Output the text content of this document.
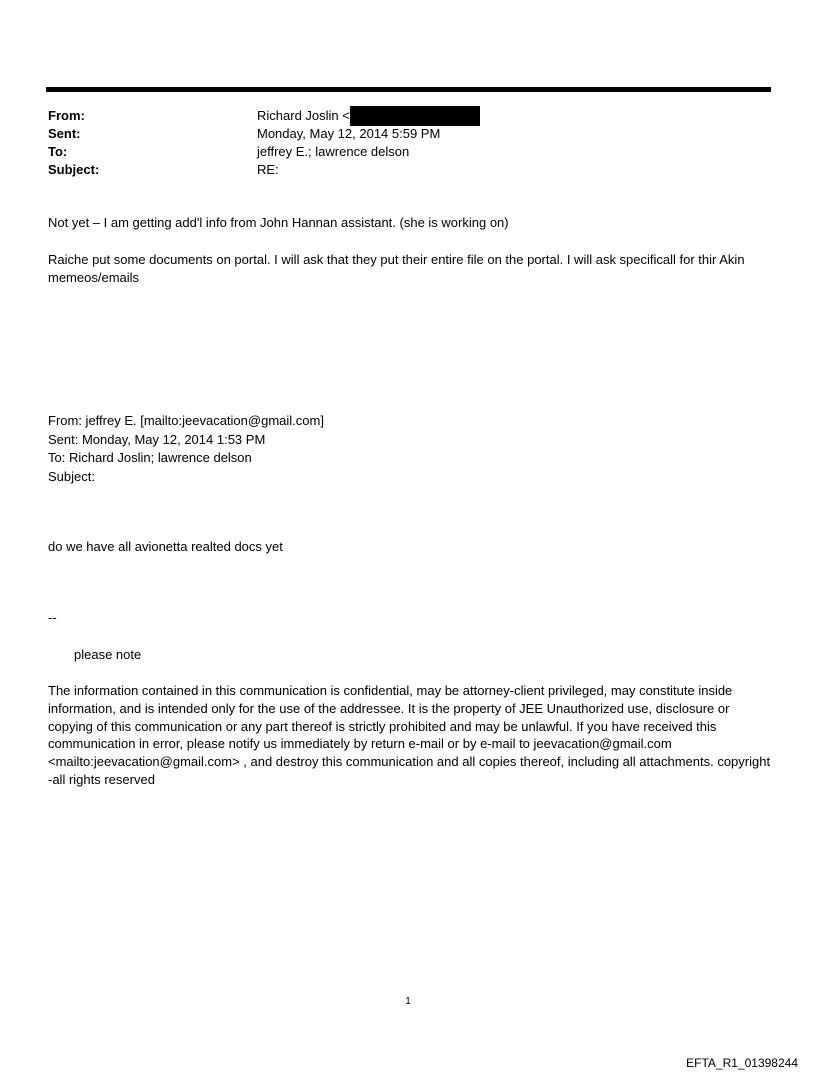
From:	Richard Joslin <
Sent:	Monday, May 12, 2014 5:59 PM
To:	jeffrey E.; lawrence delson
Subject:	RE:
Not yet – I am getting add'l info from John Hannan assistant. (she is working on)
Raiche put some documents on portal. I will ask that they put their entire file on the portal. I will ask specificall for thir Akin memeos/emails
From: jeffrey E. [mailto:jeevacation@gmail.com]
Sent: Monday, May 12, 2014 1:53 PM
To: Richard Joslin; lawrence delson
Subject:
do we have all avionetta realted docs yet
--
please note
The information contained in this communication is confidential, may be attorney-client privileged, may constitute inside information, and is intended only for the use of the addressee. It is the property of JEE Unauthorized use, disclosure or copying of this communication or any part thereof is strictly prohibited and may be unlawful. If you have received this communication in error, please notify us immediately by return e-mail or by e-mail to jeevacation@gmail.com <mailto:jeevacation@gmail.com> , and destroy this communication and all copies thereof, including all attachments. copyright -all rights reserved
1
EFTA_R1_01398244
